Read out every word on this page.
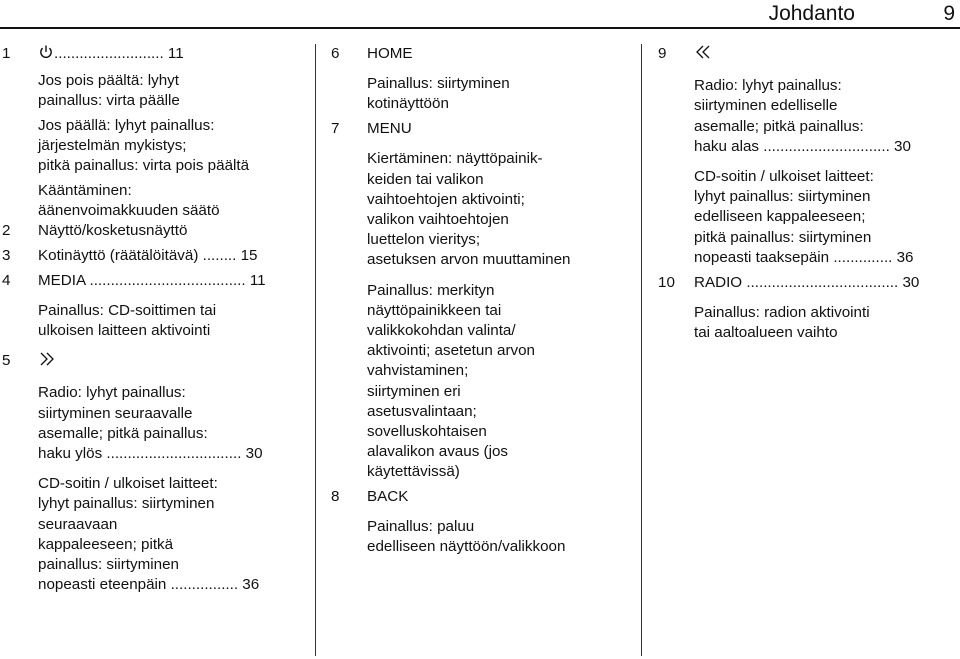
Johdanto	9
1	.......................... 11

Jos pois päältä: lyhyt

painallus: virta päälle

Jos päällä: lyhyt painallus:

järjestelmän mykistys;

pitkä painallus: virta pois päältä

Kääntäminen:

äänenvoimakkuuden säätö

2 Näyttö/kosketusnäyttö

3 Kotinäyttö (räätälöitävä) ........ 15

4 MEDIA ..................................... 11

Painallus: CD-soittimen tai

ulkoisen laitteen aktivointi

5

Radio: lyhyt painallus:

siirtyminen seuraavalle

asemalle; pitkä painallus:

haku ylös ................................ 30

CD-soitin / ulkoiset laitteet:

lyhyt painallus: siirtyminen

seuraavaan

kappaleeseen; pitkä

painallus: siirtyminen

nopeasti eteenpäin ................ 36

6 HOME

Painallus: siirtyminen

kotinäyttöön

7 MENU

Kiertäminen: näyttöpainik-

keiden tai valikon

vaihtoehtojen aktivointi;

valikon vaihtoehtojen

luettelon vieritys;

asetuksen arvon muuttaminen

Painallus: merkityn

näyttöpainikkeen tai

valikkokohdan valinta/

aktivointi; asetetun arvon

vahvistaminen;

siirtyminen eri

asetusvalintaan;

sovelluskohtaisen

alavalikon avaus (jos

käytettävissä)

8 BACK

Painallus: paluu

edelliseen näyttöön/valikkoon

9

Radio: lyhyt painallus:

siirtyminen edelliselle

asemalle; pitkä painallus:

haku alas .............................. 30

CD-soitin / ulkoiset laitteet:

lyhyt painallus: siirtyminen

edelliseen kappaleeseen;

pitkä painallus: siirtyminen

nopeasti taaksepäin .............. 36

10 RADIO .................................... 30

Painallus: radion aktivointi

tai aaltoalueen vaihto
